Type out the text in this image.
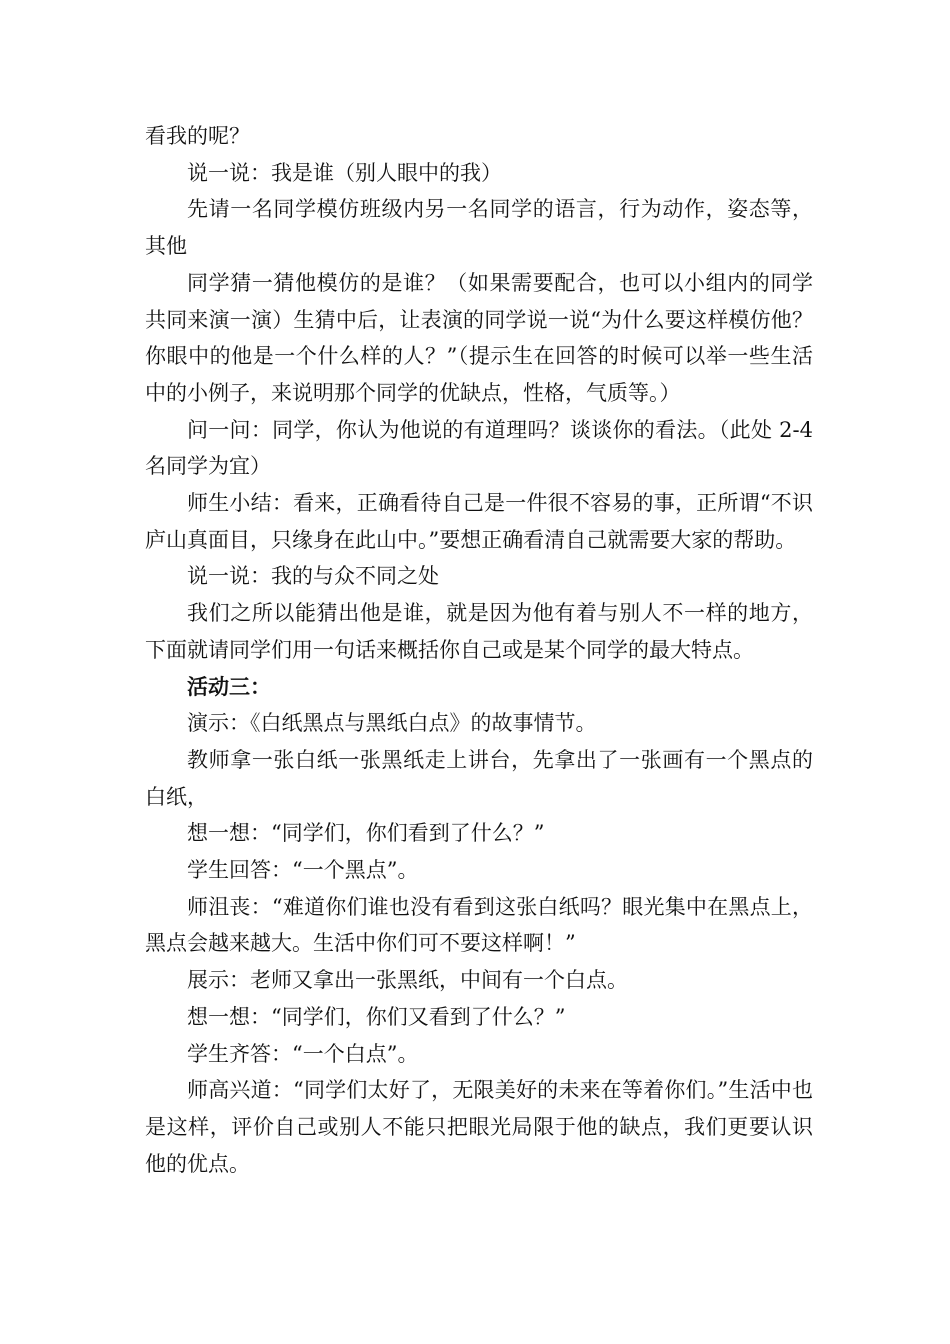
看我的呢？

说一说：我是谁（别人眼中的我）

先请一名同学模仿班级内另一名同学的语言，行为动作，姿态等，其他

同学猜一猜他模仿的是谁？（如果需要配合，也可以小组内的同学共同来演一演）生猜中后，让表演的同学说一说“为什么要这样模仿他？你眼中的他是一个什么样的人？”（提示生在回答的时候可以举一些生活中的小例子，来说明那个同学的优缺点，性格，气质等。）

问一问：同学，你认为他说的有道理吗？谈谈你的看法。（此处 2-4 名同学为宜）

师生小结：看来，正确看待自己是一件很不容易的事，正所谓“不识庐山真面目，只缘身在此山中。”要想正确看清自己就需要大家的帮助。

说一说：我的与众不同之处

我们之所以能猜出他是谁，就是因为他有着与别人不一样的地方，下面就请同学们用一句话来概括你自己或是某个同学的最大特点。

活动三：

演示：《白纸黑点与黑纸白点》的故事情节。

教师拿一张白纸一张黑纸走上讲台，先拿出了一张画有一个黑点的白纸，

想一想：“同学们，你们看到了什么？”

学生回答：“一个黑点”。

师沮丧：“难道你们谁也没有看到这张白纸吗？眼光集中在黑点上，黑点会越来越大。生活中你们可不要这样啊！”

展示：老师又拿出一张黑纸，中间有一个白点。

想一想：“同学们，你们又看到了什么？”

学生齐答：“一个白点”。

师高兴道：“同学们太好了，无限美好的未来在等着你们。”生活中也是这样，评价自己或别人不能只把眼光局限于他的缺点，我们更要认识他的优点。
